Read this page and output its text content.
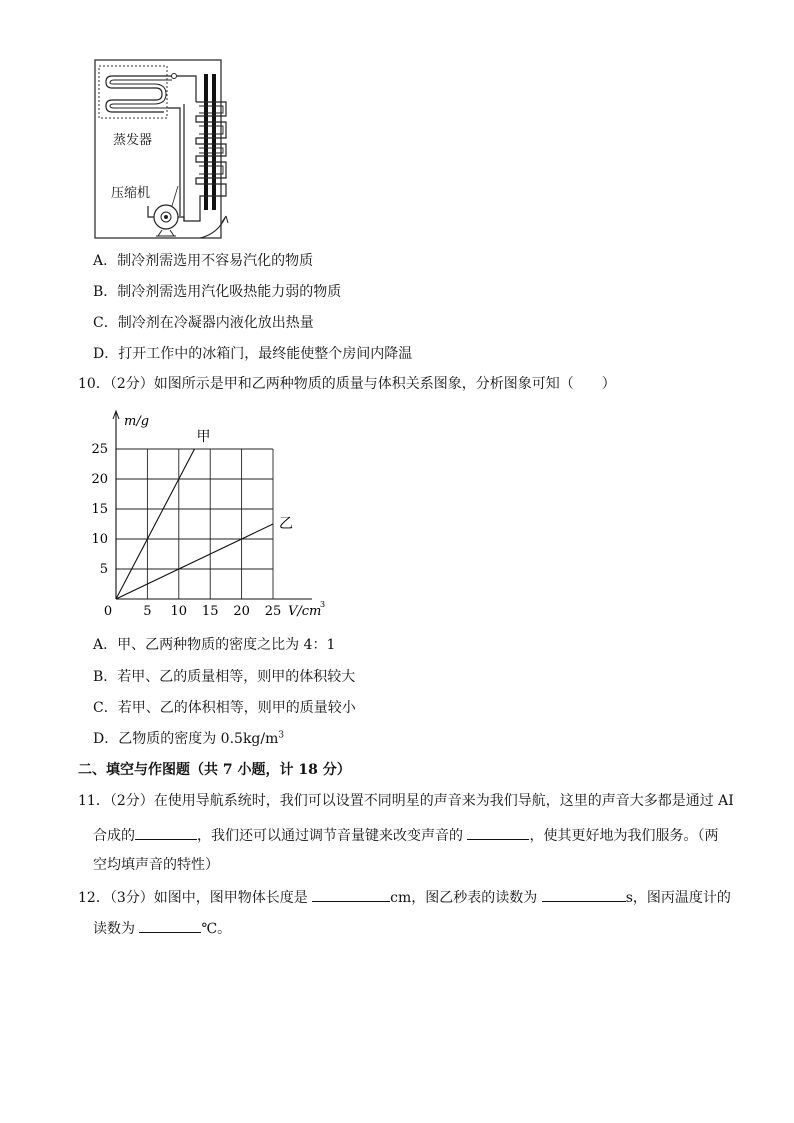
蒸发器
压缩机
A．制冷剂需选用不容易汽化的物质
B．制冷剂需选用汽化吸热能力弱的物质
C．制冷剂在冷凝器内液化放出热量
D．打开工作中的冰箱门，最终能使整个房间内降温
10．（2分）如图所示是甲和乙两种物质的质量与体积关系图象，分析图象可知（　　）
5 10 15 20 25
5
10
15
20
25
0
m/g
V/cm
3
甲
乙
A．甲、乙两种物质的密度之比为 4：1
B．若甲、乙的质量相等，则甲的体积较大
C．若甲、乙的体积相等，则甲的质量较小
D．乙物质的密度为 $0.5kg/m^3$
二、填空与作图题（共 7 小题，计 18 分）
11．（2分）在使用导航系统时，我们可以设置不同明星的声音来为我们导航，这里的声音大多都是通过 AI
合成的	，我们还可以通过调节音量键来改变声音的	，使其更好地为我们服务。（两
空均填声音的特性）
12．（3分）如图中，图甲物体长度是	cm，图乙秒表的读数为	s，图丙温度计的
读数为	℃。
